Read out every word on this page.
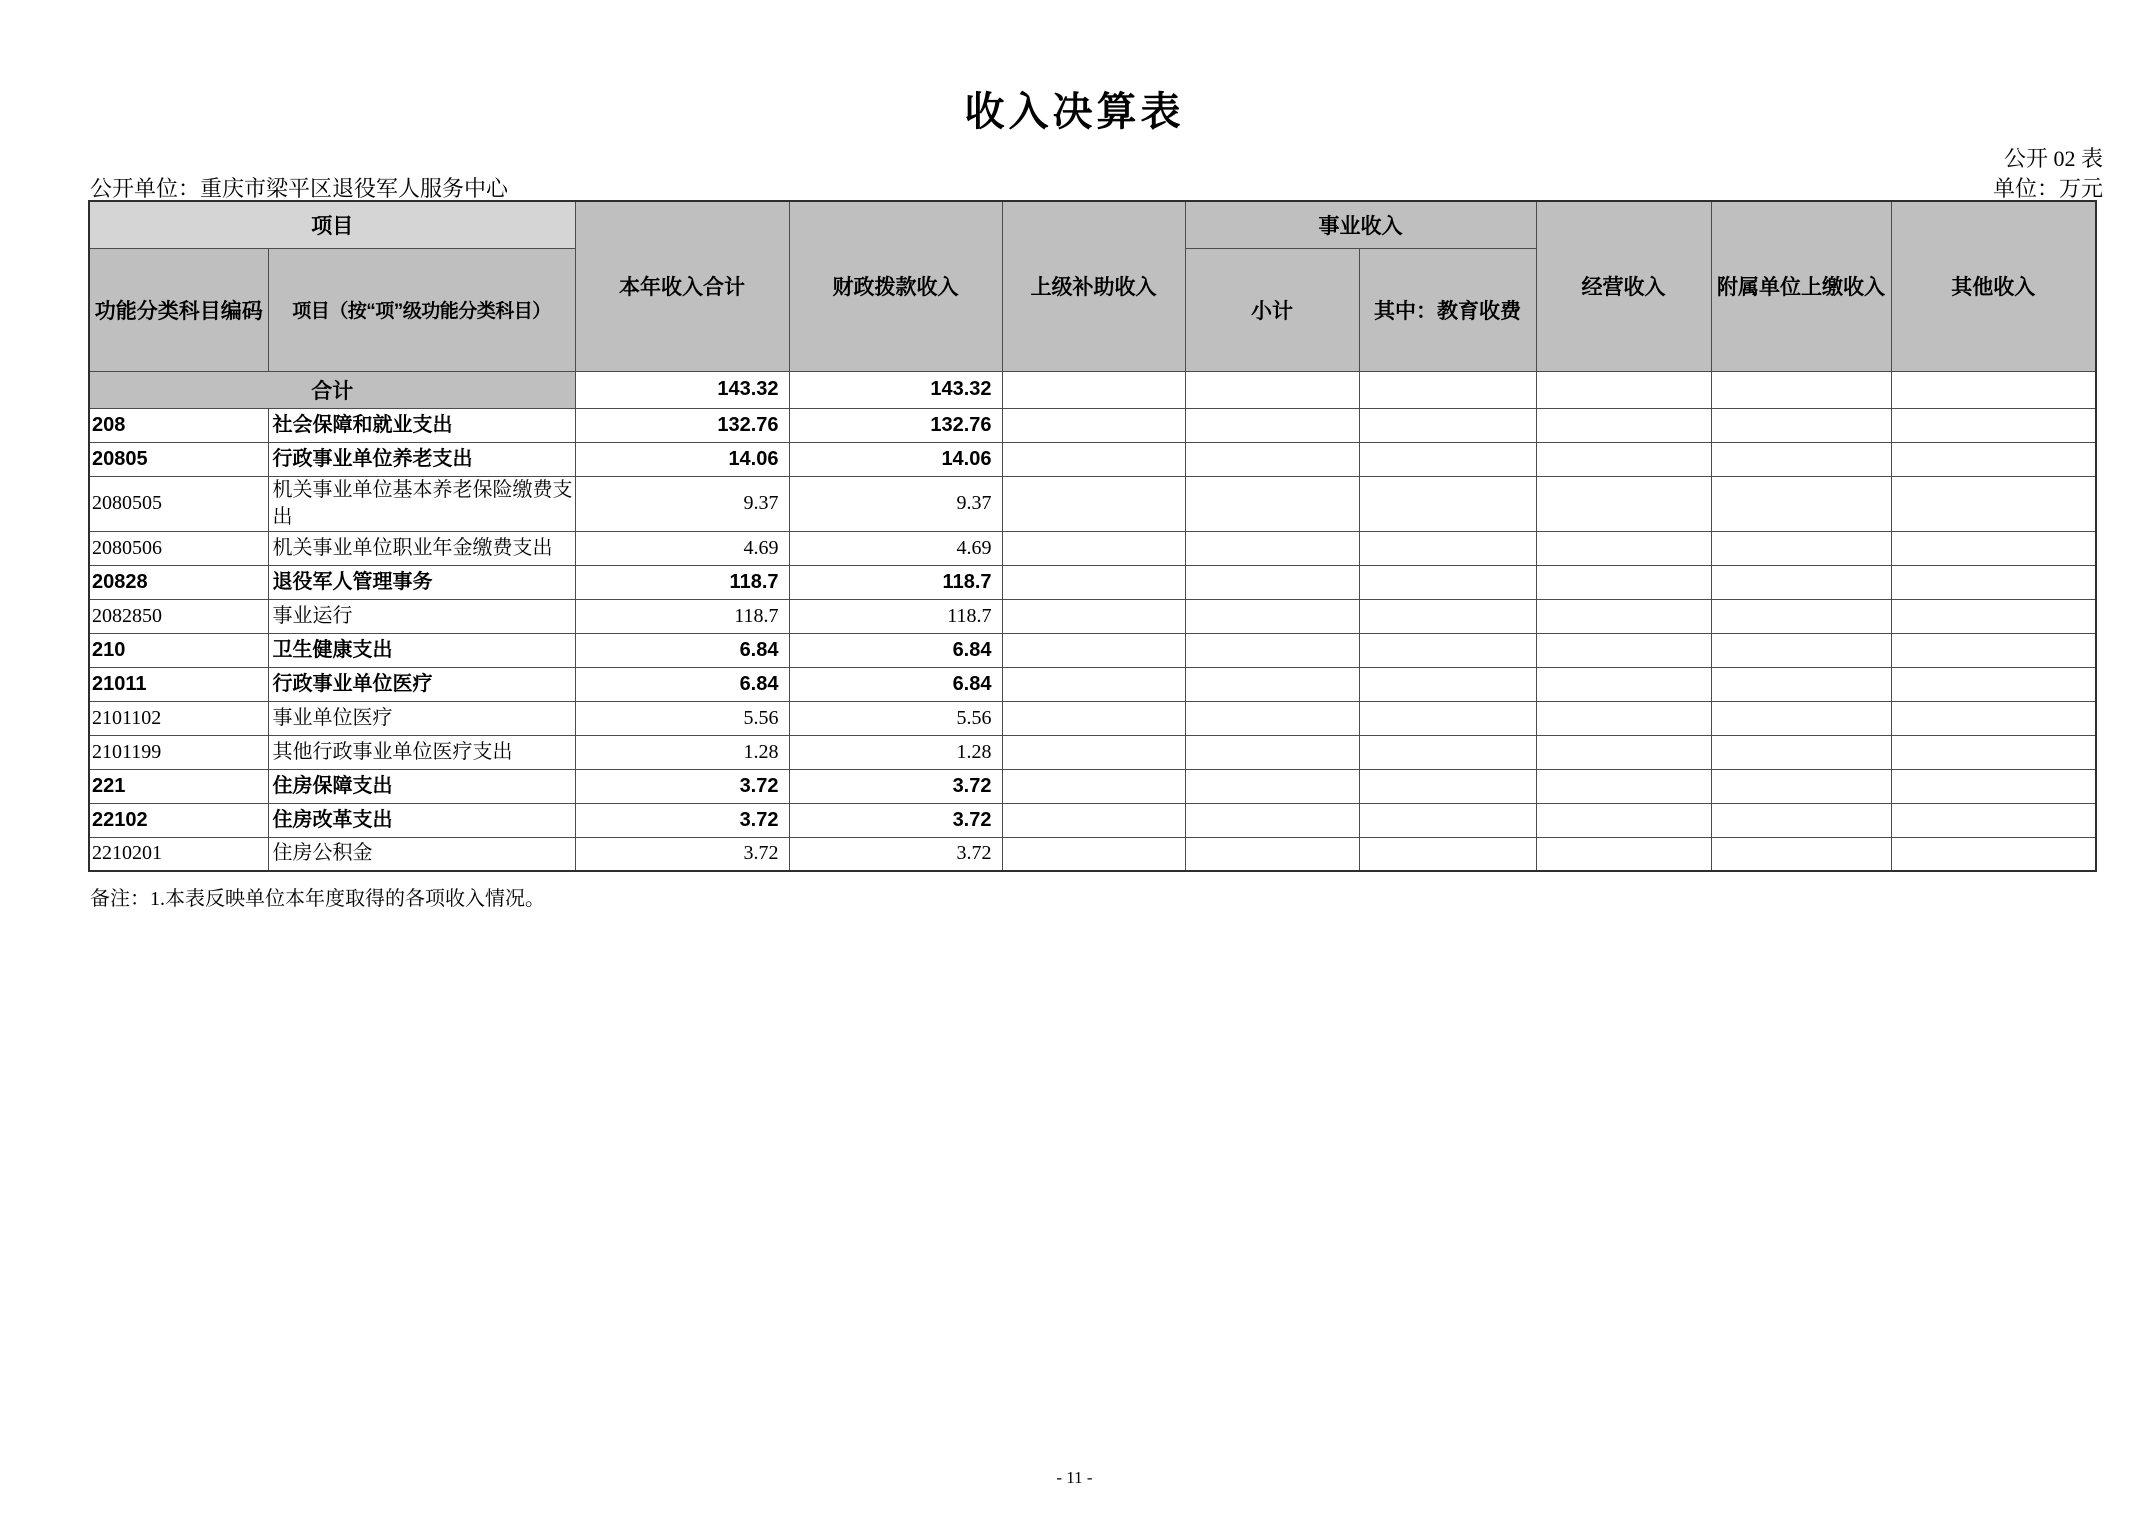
收入决算表
公开 02 表
公开单位：重庆市梁平区退役军人服务中心	单位：万元
项目		本年收入合计	财政拨款收入	上级补助收入	事业收入		经营收入	附属单位上缴收入	其他收入
功能分类科目编码	项目（按“项”级功能分类科目）				小计	其中：教育收费			
合计		143.32	143.32						
208	社会保障和就业支出	132.76	132.76						
20805	行政事业单位养老支出	14.06	14.06						
2080505	机关事业单位基本养老保险缴费支出	9.37	9.37						
2080506	机关事业单位职业年金缴费支出	4.69	4.69						
20828	退役军人管理事务	118.7	118.7						
2082850	事业运行	118.7	118.7						
210	卫生健康支出	6.84	6.84						
21011	行政事业单位医疗	6.84	6.84						
2101102	事业单位医疗	5.56	5.56						
2101199	其他行政事业单位医疗支出	1.28	1.28						
221	住房保障支出	3.72	3.72						
22102	住房改革支出	3.72	3.72						
2210201	住房公积金	3.72	3.72						
备注：1.本表反映单位本年度取得的各项收入情况。
- 11 -
